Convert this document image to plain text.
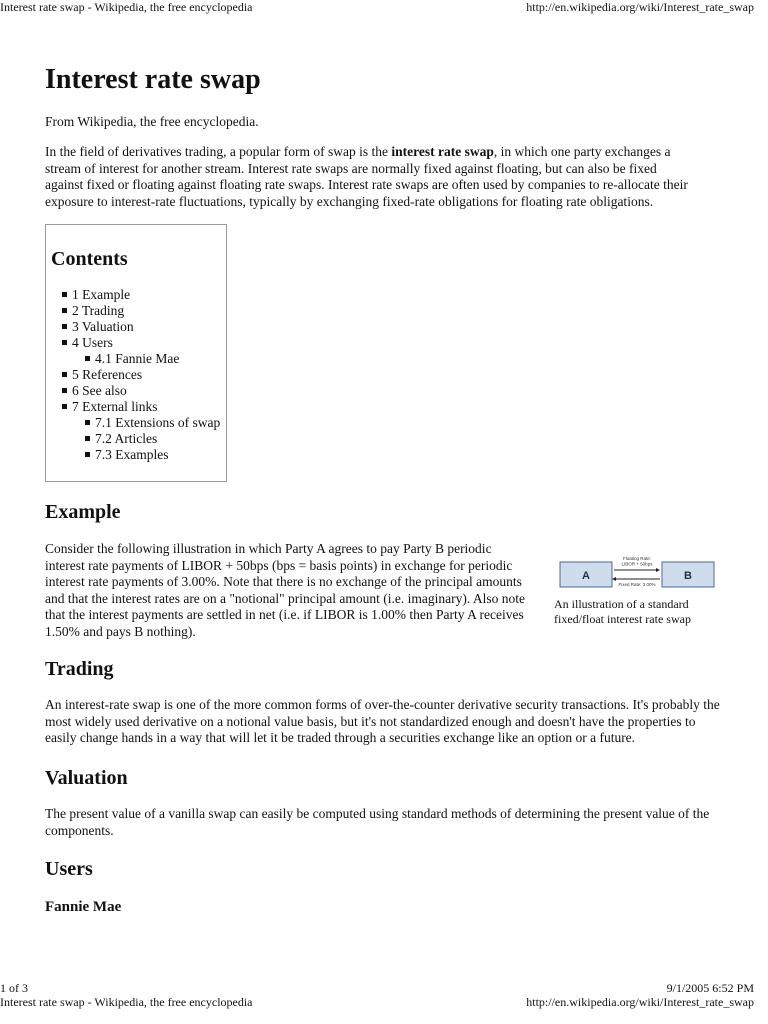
Interest rate swap - Wikipedia, the free encyclopedia	http://en.wikipedia.org/wiki/Interest_rate_swap
Interest rate swap

From Wikipedia, the free encyclopedia.

In the field of derivatives trading, a popular form of swap is the interest rate swap, in which one party exchanges a stream of interest for another stream. Interest rate swaps are normally fixed against floating, but can also be fixed against fixed or floating against floating rate swaps. Interest rate swaps are often used by companies to re-allocate their exposure to interest-rate fluctuations, typically by exchanging fixed-rate obligations for floating rate obligations.

Contents
1 Example
2 Trading
3 Valuation
4 Users
4.1 Fannie Mae
5 References
6 See also
7 External links
7.1 Extensions of swap
7.2 Articles
7.3 Examples
Example

Consider the following illustration in which Party A agrees to pay Party B periodic interest rate payments of LIBOR + 50bps (bps = basis points) in exchange for periodic interest rate payments of 3.00%. Note that there is no exchange of the principal amounts and that the interest rates are on a "notional" principal amount (i.e. imaginary). Also note that the interest payments are settled in net (i.e. if LIBOR is 1.00% then Party A receives 1.50% and pays B nothing).

A	B
Floating Rate:
LIBOR + 50bps
Fixed Rate: 3.00%
An illustration of a standard
fixed/float interest rate swap
Trading

An interest-rate swap is one of the more common forms of over-the-counter derivative security transactions. It's probably the most widely used derivative on a notional value basis, but it's not standardized enough and doesn't have the properties to easily change hands in a way that will let it be traded through a securities exchange like an option or a future.

Valuation

The present value of a vanilla swap can easily be computed using standard methods of determining the present value of the components.

Users
Fannie Mae
1 of 3	9/1/2005 6:52 PM
Interest rate swap - Wikipedia, the free encyclopedia	http://en.wikipedia.org/wiki/Interest_rate_swap
